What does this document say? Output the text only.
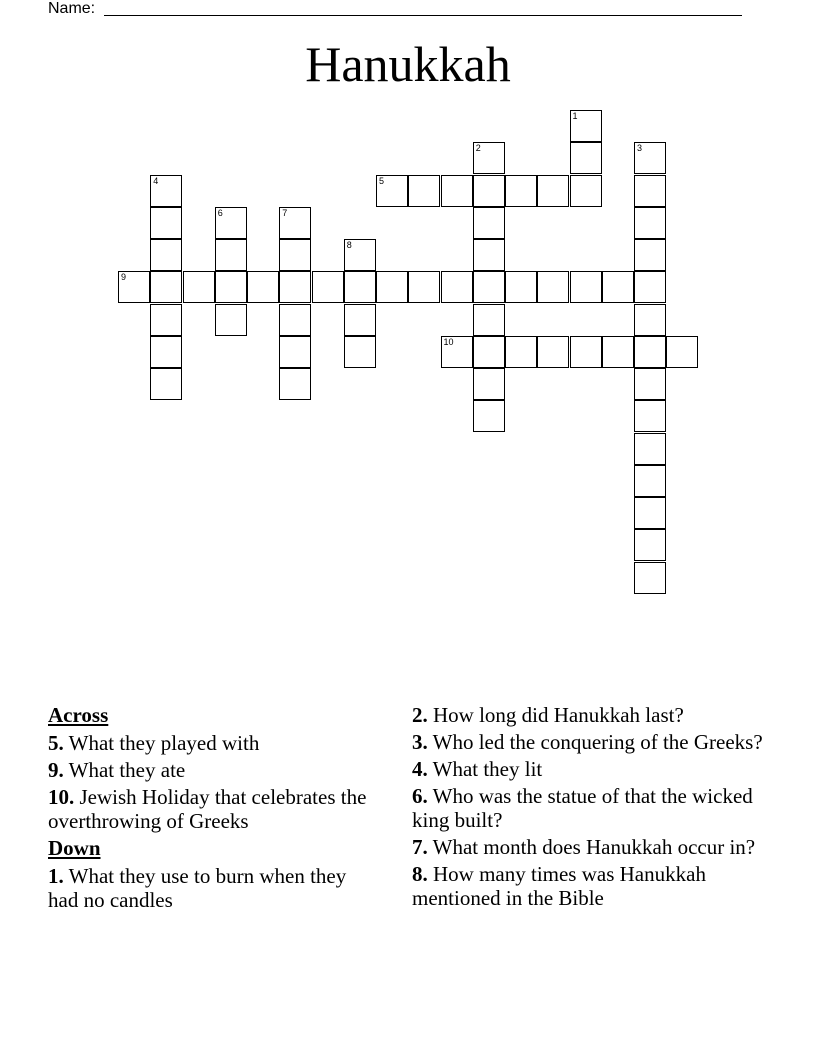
Name:
Hanukkah
1
2	3
4	5
6	7
8
9
10
Across
5. What they played with
9. What they ate
10. Jewish Holiday that celebrates the overthrowing of Greeks
Down
1. What they use to burn when they had no candles
2. How long did Hanukkah last?
3. Who led the conquering of the Greeks?
4. What they lit
6. Who was the statue of that the wicked king built?
7. What month does Hanukkah occur in?
8. How many times was Hanukkah mentioned in the Bible
